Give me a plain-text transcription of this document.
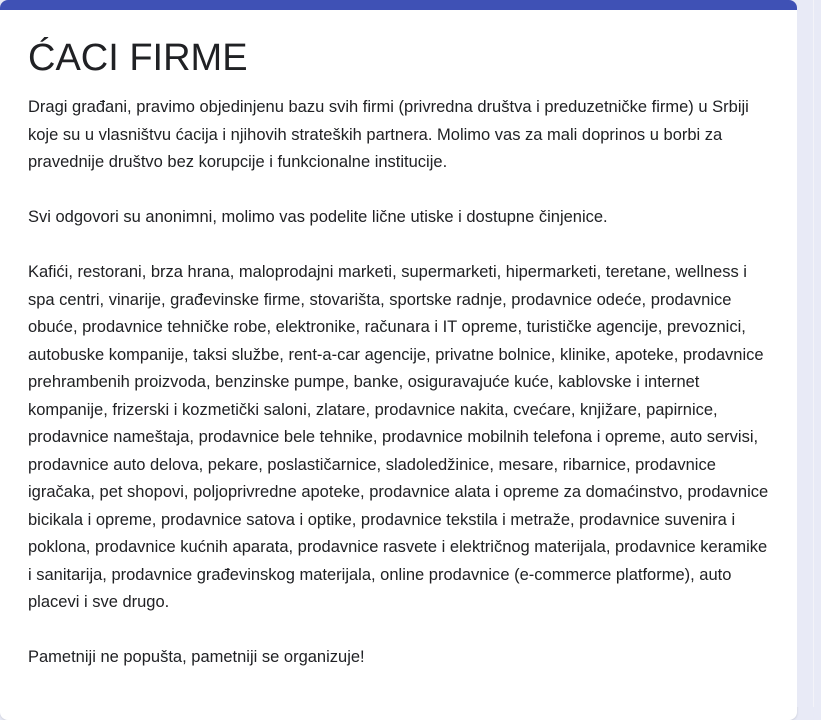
ĆACI FIRME

Dragi građani, pravimo objedinjenu bazu svih firmi (privredna društva i preduzetničke firme) u Srbiji koje su u vlasništvu ćacija i njihovih strateških partnera. Molimo vas za mali doprinos u borbi za pravednije društvo bez korupcije i funkcionalne institucije.

Svi odgovori su anonimni, molimo vas podelite lične utiske i dostupne činjenice.

Kafići, restorani, brza hrana, maloprodajni marketi, supermarketi, hipermarketi, teretane, wellness i spa centri, vinarije, građevinske firme, stovarišta, sportske radnje, prodavnice odeće, prodavnice obuće, prodavnice tehničke robe, elektronike, računara i IT opreme, turističke agencije, prevoznici, autobuske kompanije, taksi službe, rent-a-car agencije, privatne bolnice, klinike, apoteke, prodavnice prehrambenih proizvoda, benzinske pumpe, banke, osiguravajuće kuće, kablovske i internet kompanije, frizerski i kozmetički saloni, zlatare, prodavnice nakita, cvećare, knjižare, papirnice, prodavnice nameštaja, prodavnice bele tehnike, prodavnice mobilnih telefona i opreme, auto servisi, prodavnice auto delova, pekare, poslastičarnice, sladoledžinice, mesare, ribarnice, prodavnice igračaka, pet shopovi, poljoprivredne apoteke, prodavnice alata i opreme za domaćinstvo, prodavnice bicikala i opreme, prodavnice satova i optike, prodavnice tekstila i metraže, prodavnice suvenira i poklona, prodavnice kućnih aparata, prodavnice rasvete i električnog materijala, prodavnice keramike i sanitarija, prodavnice građevinskog materijala, online prodavnice (e-commerce platforme), auto placevi i sve drugo.

Pametniji ne popušta, pametniji se organizuje!
